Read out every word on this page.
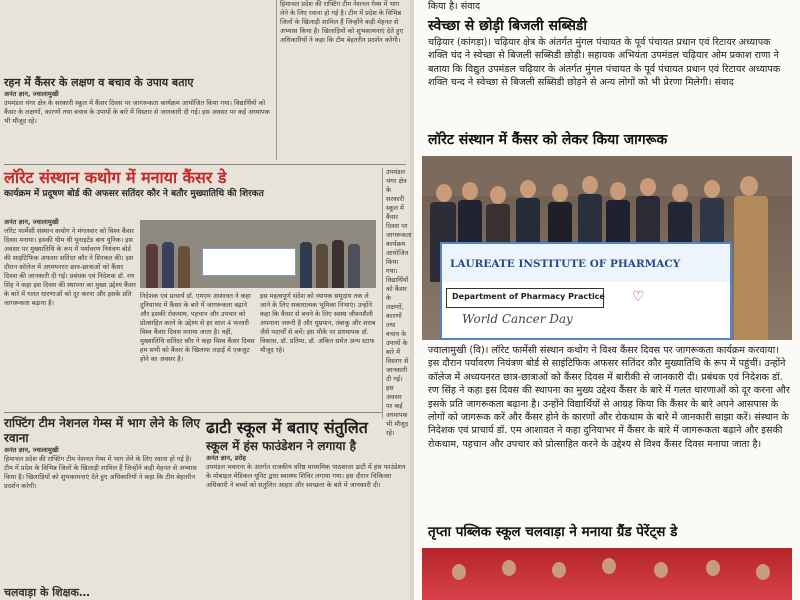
हिमाचल प्रदेश की राफ्टिंग टीम नेशनल गेम्स में भाग लेने के लिए रवाना हो गई है। टीम में प्रदेश के विभिन्न जिलों के खिलाड़ी शामिल हैं जिन्होंने कड़ी मेहनत से अभ्यास किया है। खिलाड़ियों को शुभकामनाएं देते हुए अधिकारियों ने कहा कि टीम बेहतरीन प्रदर्शन करेगी।

रहन में कैंसर के लक्षण व बचाव के उपाय बताए

अनंत ज्ञान, ज्वालामुखी

उपमंडल चंगर क्षेत्र के सरकारी स्कूल में कैंसर दिवस पर जागरूकता कार्यक्रम आयोजित किया गया। विद्यार्थियों को कैंसर के लक्षणों, कारणों तथा बचाव के उपायों के बारे में विस्तार से जानकारी दी गई। इस अवसर पर कई अध्यापक भी मौजूद रहे।

लॉरेट संस्थान कथोग में मनाया कैंसर डे

कार्यक्रम में प्रदूषण बोर्ड की अफसर सतिंदर कौर ने बतौर मुख्यातिथि की शिरकत

अनंत ज्ञान, ज्वालामुखी

लॉरेट फार्मेसी संस्थान कथोग ने मंगलवार को विश्व कैंसर दिवस मनाया। इसकी थीम थी यूनाइटेड बाय यूनिक। इस अवसर पर मुख्यातिथि के रूप में पर्यावरण नियंत्रण बोर्ड की साइंटिफिक अफसर सतिंदर कौर ने शिरकत की। इस दौरान कॉलेज में अध्ययनरत छात्र-छात्राओं को कैंसर दिवस की जानकारी दी गई। प्रबंधक एवं निदेशक डॉ. रण सिंह ने कहा इस दिवस की स्थापना का मुख्य उद्देश्य कैंसर के बारे में गलत धारणाओं को दूर करना और इसके प्रति जागरूकता बढ़ाना है।

निदेशक एवं प्राचार्य डॉ. एमएम आशावत ने कहा दुनियाभर में कैंसर के बारे में जागरूकता बढ़ाने और इसकी रोकथाम, पहचान और उपचार को प्रोत्साहित करने के उद्देश्य से हर साल 4 फरवरी विश्व कैंसर दिवस मनाया जाता है। वहीं, मुख्यातिथि सतिंदर कौर ने कहा विश्व कैंसर दिवस हम सभी को कैंसर के खिलाफ लड़ाई में एकजुट होने का अवसर है।

इस महत्वपूर्ण संदेश को व्यापक समुदाय तक ले जाने के लिए सकारात्मक भूमिका निभाएं। उन्होंने कहा कि कैंसर से बचने के लिए स्वस्थ जीवनशैली अपनाना जरूरी है और धूम्रपान, तंबाकू और शराब जैसे पदार्थों से बचें। इस मौके पर प्राध्यापक डॉ. विकास, डॉ. प्रतिमा, डॉ. अंकित समेत अन्य स्टाफ मौजूद रहे।

उपमंडल चंगर क्षेत्र के सरकारी स्कूल में कैंसर दिवस पर जागरूकता कार्यक्रम आयोजित किया गया। विद्यार्थियों को कैंसर के लक्षणों, कारणों तथा बचाव के उपायों के बारे में विस्तार से जानकारी दी गई। इस अवसर पर कई अध्यापक भी मौजूद रहे।

राफ्टिंग टीम नेशनल गेम्स में भाग लेने के लिए रवाना

अनंत ज्ञान, ज्वालामुखी

हिमाचल प्रदेश की राफ्टिंग टीम नेशनल गेम्स में भाग लेने के लिए रवाना हो गई है। टीम में प्रदेश के विभिन्न जिलों के खिलाड़ी शामिल हैं जिन्होंने कड़ी मेहनत से अभ्यास किया है। खिलाड़ियों को शुभकामनाएं देते हुए अधिकारियों ने कहा कि टीम बेहतरीन प्रदर्शन करेगी।

ढाटी स्कूल में बताए संतुलित

स्कूल में हंस फाउंडेशन ने लगाया है

अनंत ज्ञान, डरोह

उपमंडल भवारना के अंतर्गत राजकीय वरिष्ठ माध्यमिक पाठशाला ढाटी में हंस फाउंडेशन के मोबाइल मेडिकल यूनिट द्वारा स्वास्थ्य शिविर लगाया गया। इस दौरान चिकित्सा अधिकारी ने बच्चों को संतुलित आहार और स्वच्छता के बारे में जानकारी दी।

चलवाड़ा के शिक्षक…

किया है। संवाद

स्वेच्छा से छोड़ी बिजली सब्सिडी

चढ़ियार (कांगड़ा)। चढ़ियार क्षेत्र के अंतर्गत मुंगल पंचायत के पूर्व पंचायत प्रधान एवं रिटायर अध्यापक शक्ति चंद ने स्वेच्छा से बिजली सब्सिडी छोड़ी। सहायक अभियंता उपमंडल चढ़ियार ओम प्रकाश राणा ने बताया कि विद्युत उपमंडल चढ़ियार के अंतर्गत मुंगल पंचायत के पूर्व पंचायत प्रधान एवं रिटायर अध्यापक शक्ति चन्द ने स्वेच्छा से बिजली सब्सिडी छोड़ने से अन्य लोगों को भी प्रेरणा मिलेगी। संवाद

लॉरेट संस्थान में कैंसर को लेकर किया जागरूक

LAUREATE INSTITUTE OF PHARMACY
Department of Pharmacy Practice ♡
World Cancer Day

ज्वालामुखी (वि)। लॉरेट फार्मेसी संस्थान कथोग ने विश्व कैंसर दिवस पर जागरूकता कार्यक्रम करवाया। इस दौरान पर्यावरण नियंत्रण बोर्ड से साइंटिफिक अफसर सतिंदर कौर मुख्यातिथि के रूप में पहुंचीं। उन्होंने कॉलेज में अध्ययनरत छात्र-छात्राओं को कैंसर दिवस में बारीकी से जानकारी दी। प्रबंधक एवं निदेशक डॉ. रण सिंह ने कहा इस दिवस की स्थापना का मुख्य उद्देश्य कैंसर के बारे में गलत धारणाओं को दूर करना और इसके प्रति जागरूकता बढ़ाना है। उन्होंने विद्यार्थियों से आग्रह किया कि कैंसर के बारे अपने आसपास के लोगों को जागरूक करें और कैंसर होने के कारणों और रोकथाम के बारे में जानकारी साझा करें। संस्थान के निदेशक एवं प्राचार्य डॉ. एम आशावत ने कहा दुनियाभर में कैंसर के बारे में जागरूकता बढ़ाने और इसकी रोकथाम, पहचान और उपचार को प्रोत्साहित करने के उद्देश्य से विश्व कैंसर दिवस मनाया जाता है।

तृप्ता पब्लिक स्कूल चलवाड़ा ने मनाया ग्रैंड पेरेंट्स डे
